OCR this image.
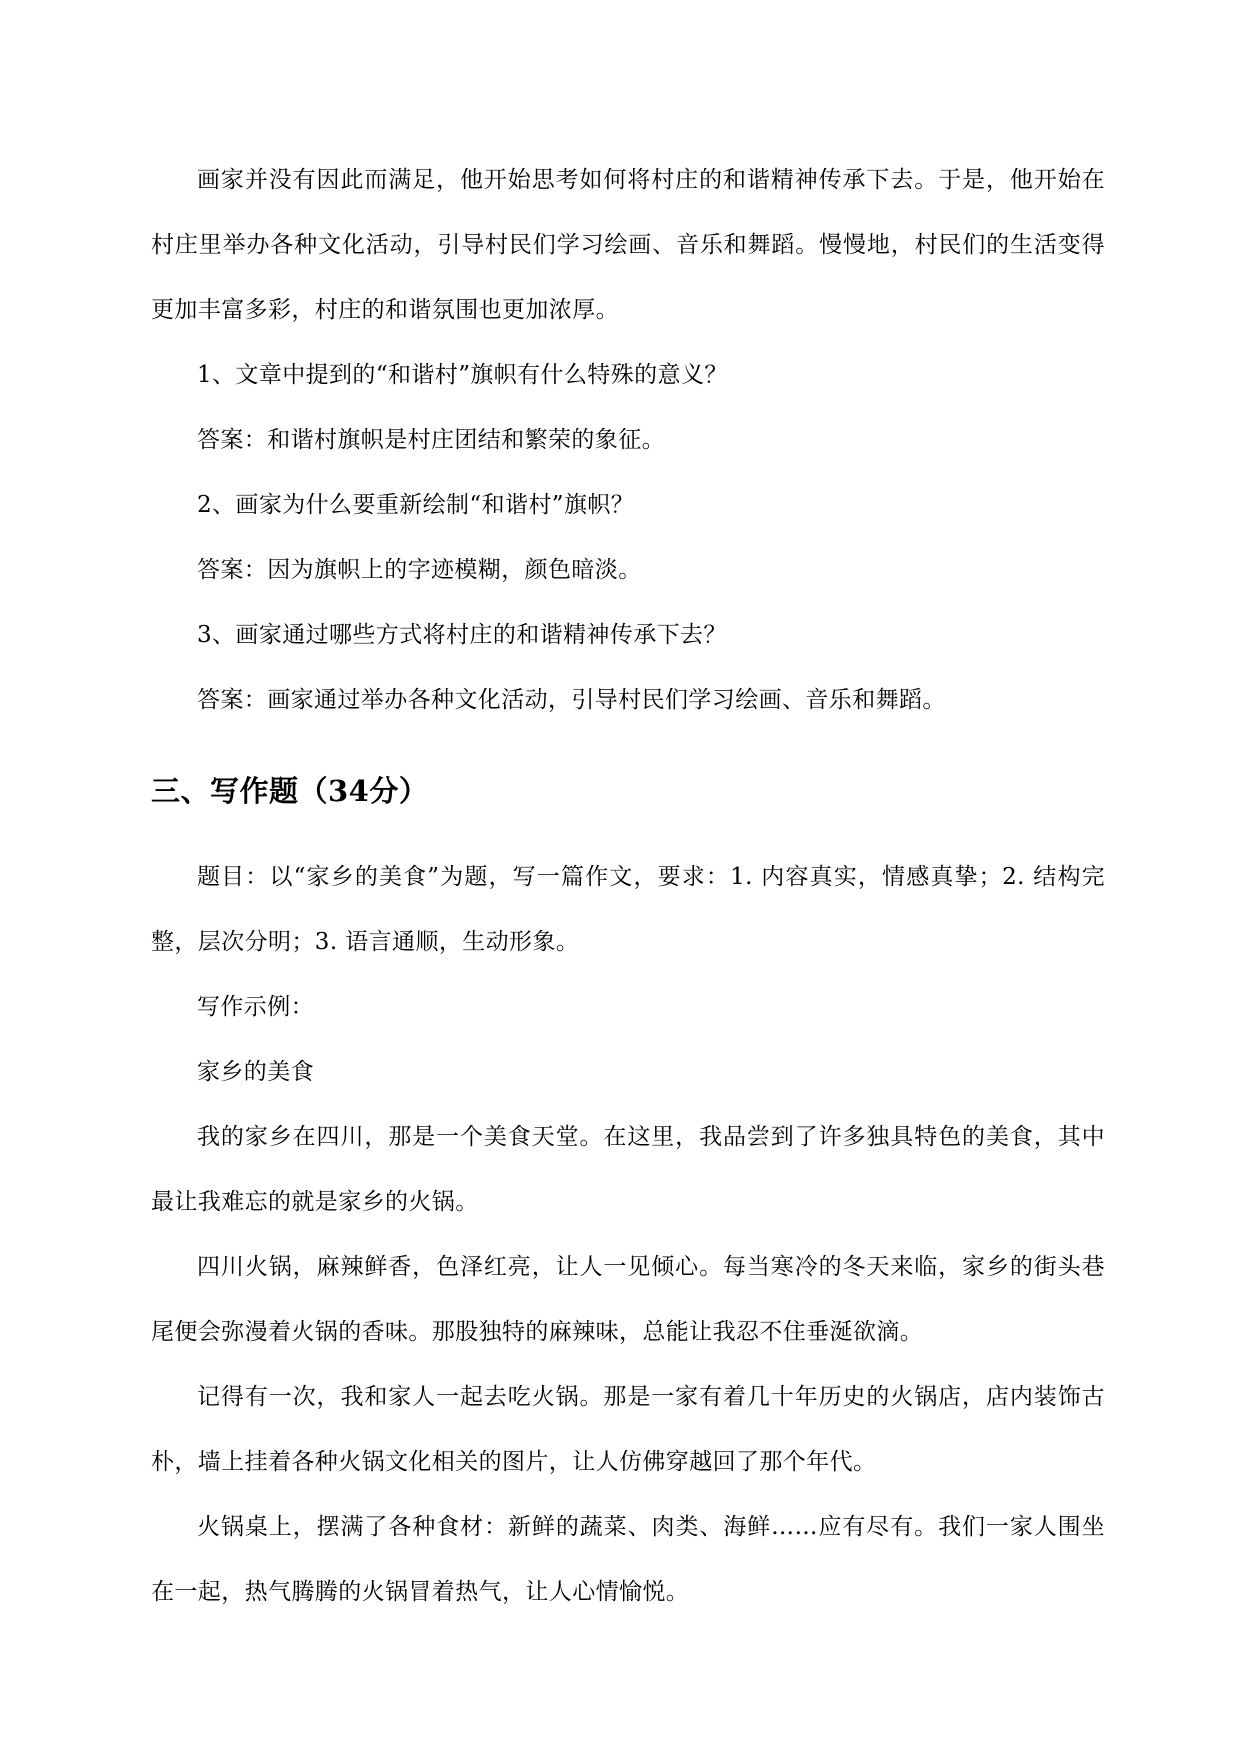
画家并没有因此而满足，他开始思考如何将村庄的和谐精神传承下去。于是，他开始在村庄里举办各种文化活动，引导村民们学习绘画、音乐和舞蹈。慢慢地，村民们的生活变得更加丰富多彩，村庄的和谐氛围也更加浓厚。

1、文章中提到的“和谐村”旗帜有什么特殊的意义？

答案：和谐村旗帜是村庄团结和繁荣的象征。

2、画家为什么要重新绘制“和谐村”旗帜？

答案：因为旗帜上的字迹模糊，颜色暗淡。

3、画家通过哪些方式将村庄的和谐精神传承下去？

答案：画家通过举办各种文化活动，引导村民们学习绘画、音乐和舞蹈。

三、写作题（34分）

题目：以“家乡的美食”为题，写一篇作文，要求：1. 内容真实，情感真挚；2. 结构完整，层次分明；3. 语言通顺，生动形象。

写作示例：

家乡的美食

我的家乡在四川，那是一个美食天堂。在这里，我品尝到了许多独具特色的美食，其中最让我难忘的就是家乡的火锅。

四川火锅，麻辣鲜香，色泽红亮，让人一见倾心。每当寒冷的冬天来临，家乡的街头巷尾便会弥漫着火锅的香味。那股独特的麻辣味，总能让我忍不住垂涎欲滴。

记得有一次，我和家人一起去吃火锅。那是一家有着几十年历史的火锅店，店内装饰古朴，墙上挂着各种火锅文化相关的图片，让人仿佛穿越回了那个年代。

火锅桌上，摆满了各种食材：新鲜的蔬菜、肉类、海鲜……应有尽有。我们一家人围坐在一起，热气腾腾的火锅冒着热气，让人心情愉悦。
